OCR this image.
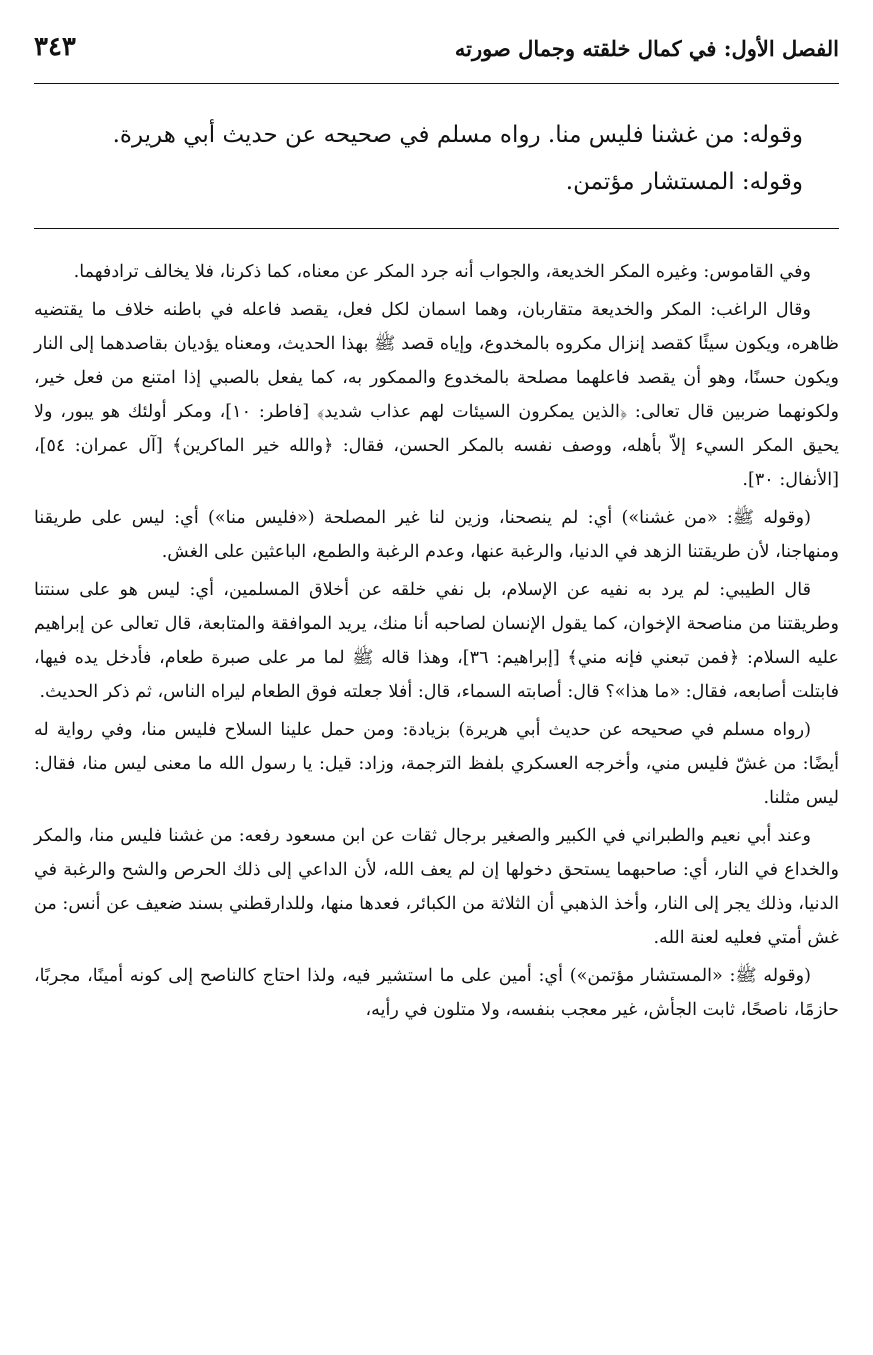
الفصل الأول: في كمال خلقته وجمال صورته
٣٤٣

وقوله: من غشنا فليس منا. رواه مسلم في صحيحه عن حديث أبي هريرة.

وقوله: المستشار مؤتمن.

وفي القاموس: وغيره المكر الخديعة، والجواب أنه جرد المكر عن معناه، كما ذكرنا، فلا يخالف ترادفهما.

وقال الراغب: المكر والخديعة متقاربان، وهما اسمان لكل فعل، يقصد فاعله في باطنه خلاف ما يقتضيه ظاهره، ويكون سيئًا كقصد إنزال مكروه بالمخدوع، وإياه قصد ﷺ بهذا الحديث، ومعناه يؤديان بقاصدهما إلى النار ويكون حسنًا، وهو أن يقصد فاعلهما مصلحة بالمخدوع والممكور به، كما يفعل بالصبي إذا امتنع من فعل خير، ولكونهما ضربين قال تعالى: ﴿الذين يمكرون السيئات لهم عذاب شديد﴾ [فاطر: ١٠]، ومكر أولئك هو يبور، ولا يحيق المكر السيء إلاّ بأهله، ووصف نفسه بالمكر الحسن، فقال: ﴿والله خير الماكرين﴾ [آل عمران: ٥٤]، [الأنفال: ٣٠].

(وقوله ﷺ: «من غشنا») أي: لم ينصحنا، وزين لنا غير المصلحة («فليس منا») أي: ليس على طريقنا ومنهاجنا، لأن طريقتنا الزهد في الدنيا، والرغبة عنها، وعدم الرغبة والطمع، الباعثين على الغش.

قال الطيبي: لم يرد به نفيه عن الإسلام، بل نفي خلقه عن أخلاق المسلمين، أي: ليس هو على سنتنا وطريقتنا من مناصحة الإخوان، كما يقول الإنسان لصاحبه أنا منك، يريد الموافقة والمتابعة، قال تعالى عن إبراهيم عليه السلام: ﴿فمن تبعني فإنه مني﴾ [إبراهيم: ٣٦]، وهذا قاله ﷺ لما مر على صبرة طعام، فأدخل يده فيها، فابتلت أصابعه، فقال: «ما هذا»؟ قال: أصابته السماء، قال: أفلا جعلته فوق الطعام ليراه الناس، ثم ذكر الحديث.

(رواه مسلم في صحيحه عن حديث أبي هريرة) بزيادة: ومن حمل علينا السلاح فليس منا، وفي رواية له أيضًا: من غشّ فليس مني، وأخرجه العسكري بلفظ الترجمة، وزاد: قيل: يا رسول الله ما معنى ليس منا، فقال: ليس مثلنا.

وعند أبي نعيم والطبراني في الكبير والصغير برجال ثقات عن ابن مسعود رفعه: من غشنا فليس منا، والمكر والخداع في النار، أي: صاحبهما يستحق دخولها إن لم يعف الله، لأن الداعي إلى ذلك الحرص والشح والرغبة في الدنيا، وذلك يجر إلى النار، وأخذ الذهبي أن الثلاثة من الكبائر، فعدها منها، وللدارقطني بسند ضعيف عن أنس: من غش أمتي فعليه لعنة الله.

(وقوله ﷺ: «المستشار مؤتمن») أي: أمين على ما استشير فيه، ولذا احتاج كالناصح إلى كونه أمينًا، مجربًا، حازمًا، ناصحًا، ثابت الجأش، غير معجب بنفسه، ولا متلون في رأيه،
